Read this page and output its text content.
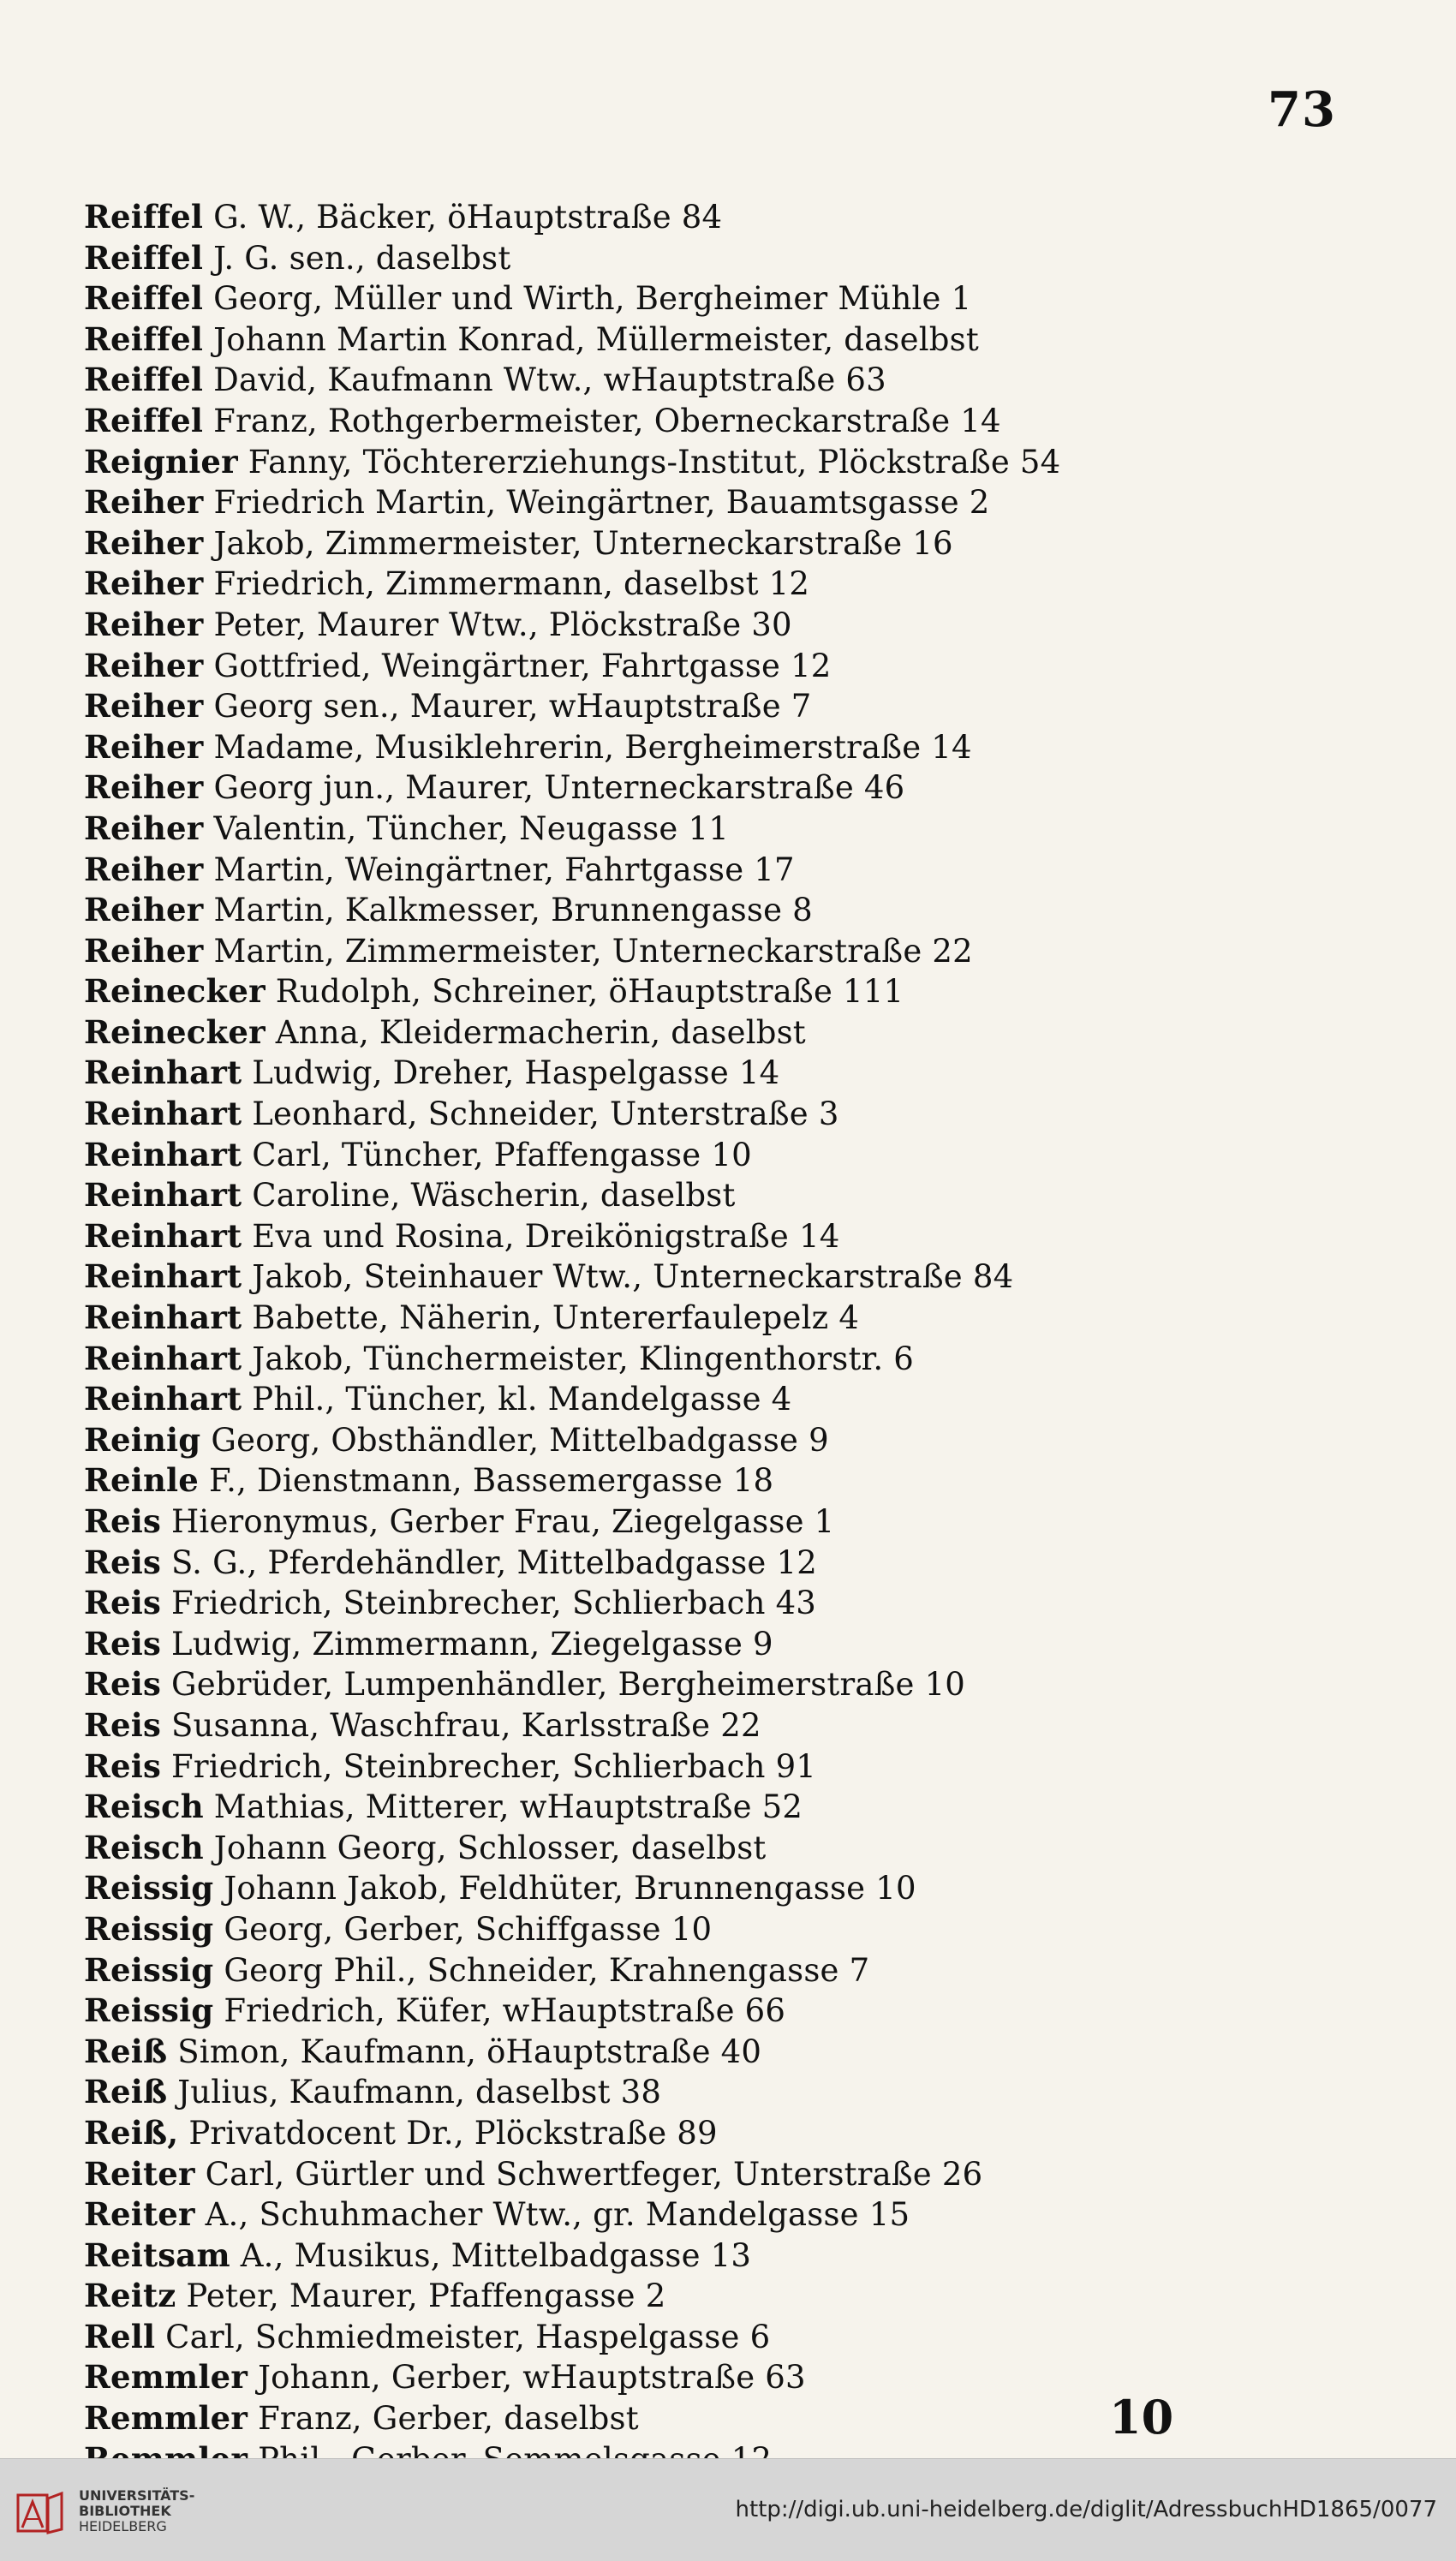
73
Reiffel G. W., Bäcker, öHauptstraße 84
Reiffel J. G. sen., daselbst
Reiffel Georg, Müller und Wirth, Bergheimer Mühle 1
Reiffel Johann Martin Konrad, Müllermeister, daselbst
Reiffel David, Kaufmann Wtw., wHauptstraße 63
Reiffel Franz, Rothgerbermeister, Oberneckarstraße 14
Reignier Fanny, Töchtererziehungs-Institut, Plöckstraße 54
Reiher Friedrich Martin, Weingärtner, Bauamtsgasse 2
Reiher Jakob, Zimmermeister, Unterneckarstraße 16
Reiher Friedrich, Zimmermann, daselbst 12
Reiher Peter, Maurer Wtw., Plöckstraße 30
Reiher Gottfried, Weingärtner, Fahrtgasse 12
Reiher Georg sen., Maurer, wHauptstraße 7
Reiher Madame, Musiklehrerin, Bergheimerstraße 14
Reiher Georg jun., Maurer, Unterneckarstraße 46
Reiher Valentin, Tüncher, Neugasse 11
Reiher Martin, Weingärtner, Fahrtgasse 17
Reiher Martin, Kalkmesser, Brunnengasse 8
Reiher Martin, Zimmermeister, Unterneckarstraße 22
Reinecker Rudolph, Schreiner, öHauptstraße 111
Reinecker Anna, Kleidermacherin, daselbst
Reinhart Ludwig, Dreher, Haspelgasse 14
Reinhart Leonhard, Schneider, Unterstraße 3
Reinhart Carl, Tüncher, Pfaffengasse 10
Reinhart Caroline, Wäscherin, daselbst
Reinhart Eva und Rosina, Dreikönigstraße 14
Reinhart Jakob, Steinhauer Wtw., Unterneckarstraße 84
Reinhart Babette, Näherin, Untererfaulepelz 4
Reinhart Jakob, Tünchermeister, Klingenthorstr. 6
Reinhart Phil., Tüncher, kl. Mandelgasse 4
Reinig Georg, Obsthändler, Mittelbadgasse 9
Reinle F., Dienstmann, Bassemergasse 18
Reis Hieronymus, Gerber Frau, Ziegelgasse 1
Reis S. G., Pferdehändler, Mittelbadgasse 12
Reis Friedrich, Steinbrecher, Schlierbach 43
Reis Ludwig, Zimmermann, Ziegelgasse 9
Reis Gebrüder, Lumpenhändler, Bergheimerstraße 10
Reis Susanna, Waschfrau, Karlsstraße 22
Reis Friedrich, Steinbrecher, Schlierbach 91
Reisch Mathias, Mitterer, wHauptstraße 52
Reisch Johann Georg, Schlosser, daselbst
Reissig Johann Jakob, Feldhüter, Brunnengasse 10
Reissig Georg, Gerber, Schiffgasse 10
Reissig Georg Phil., Schneider, Krahnengasse 7
Reissig Friedrich, Küfer, wHauptstraße 66
Reiß Simon, Kaufmann, öHauptstraße 40
Reiß Julius, Kaufmann, daselbst 38
Reiß, Privatdocent Dr., Plöckstraße 89
Reiter Carl, Gürtler und Schwertfeger, Unterstraße 26
Reiter A., Schuhmacher Wtw., gr. Mandelgasse 15
Reitsam A., Musikus, Mittelbadgasse 13
Reitz Peter, Maurer, Pfaffengasse 2
Rell Carl, Schmiedmeister, Haspelgasse 6
Remmler Johann, Gerber, wHauptstraße 63
Remmler Franz, Gerber, daselbst	10
UNIVERSITÄTS-
BIBLIOTHEK
HEIDELBERG
http://digi.ub.uni-heidelberg.de/diglit/AdressbuchHD1865/0077
